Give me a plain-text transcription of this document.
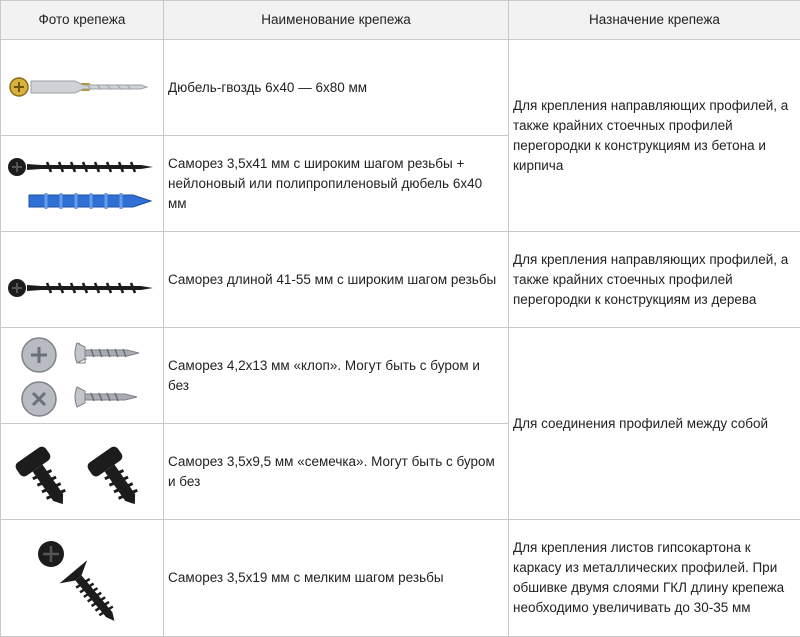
Фото крепежа	Наименование крепежа	Назначение крепежа

	Дюбель-гвоздь 6х40 — 6х80 мм	Для крепления направляющих профилей, а также крайних стоечных профилей перегородки к конструкциям из бетона и кирпича

	Саморез 3,5х41 мм с широким шагом резьбы + нейлоновый или полипропиленовый дюбель 6х40 мм	

	Саморез длиной 41-55 мм с широким шагом резьбы	Для крепления направляющих профилей, а также крайних стоечных профилей перегородки к конструкциям из дерева

	Саморез 4,2х13 мм «клоп». Могут быть с буром и без	Для соединения профилей между собой

	Саморез 3,5х9,5 мм «семечка». Могут быть с буром и без	

	Саморез 3,5х19 мм с мелким шагом резьбы	Для крепления листов гипсокартона к каркасу из металлических профилей. При обшивке двумя слоями ГКЛ длину крепежа необходимо увеличивать до 30-35 мм
